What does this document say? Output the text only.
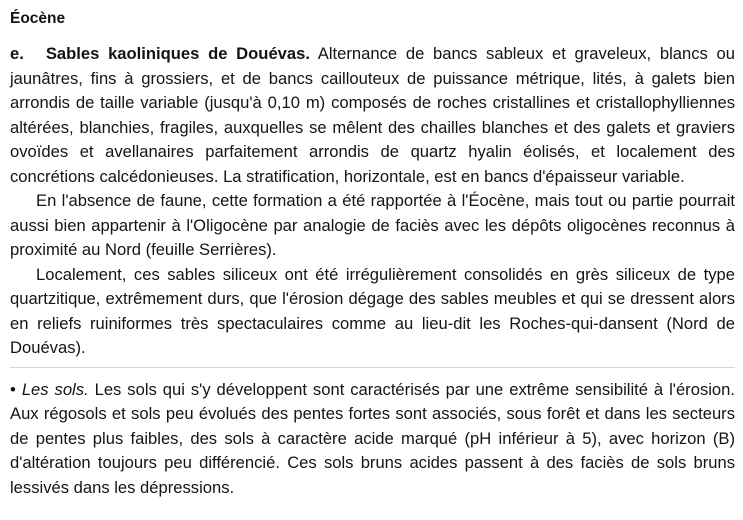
Éocène

e. Sables kaoliniques de Douévas. Alternance de bancs sableux et graveleux, blancs ou jaunâtres, fins à grossiers, et de bancs caillouteux de puissance métrique, lités, à galets bien arrondis de taille variable (jusqu'à 0,10 m) composés de roches cristallines et cristallophylliennes altérées, blanchies, fragiles, auxquelles se mêlent des chailles blanches et des galets et graviers ovoïdes et avellanaires parfaitement arrondis de quartz hyalin éolisés, et localement des concrétions calcédonieuses. La stratification, horizontale, est en bancs d'épaisseur variable.

En l'absence de faune, cette formation a été rapportée à l'Éocène, mais tout ou partie pourrait aussi bien appartenir à l'Oligocène par analogie de faciès avec les dépôts oligocènes reconnus à proximité au Nord (feuille Serrières).

Localement, ces sables siliceux ont été irrégulièrement consolidés en grès siliceux de type quartzitique, extrêmement durs, que l'érosion dégage des sables meubles et qui se dressent alors en reliefs ruiniformes très spectaculaires comme au lieu-dit les Roches-qui-dansent (Nord de Douévas).

• Les sols. Les sols qui s'y développent sont caractérisés par une extrême sensibilité à l'érosion. Aux régosols et sols peu évolués des pentes fortes sont associés, sous forêt et dans les secteurs de pentes plus faibles, des sols à caractère acide marqué (pH inférieur à 5), avec horizon (B) d'altération toujours peu différencié. Ces sols bruns acides passent à des faciès de sols bruns lessivés dans les dépressions.
